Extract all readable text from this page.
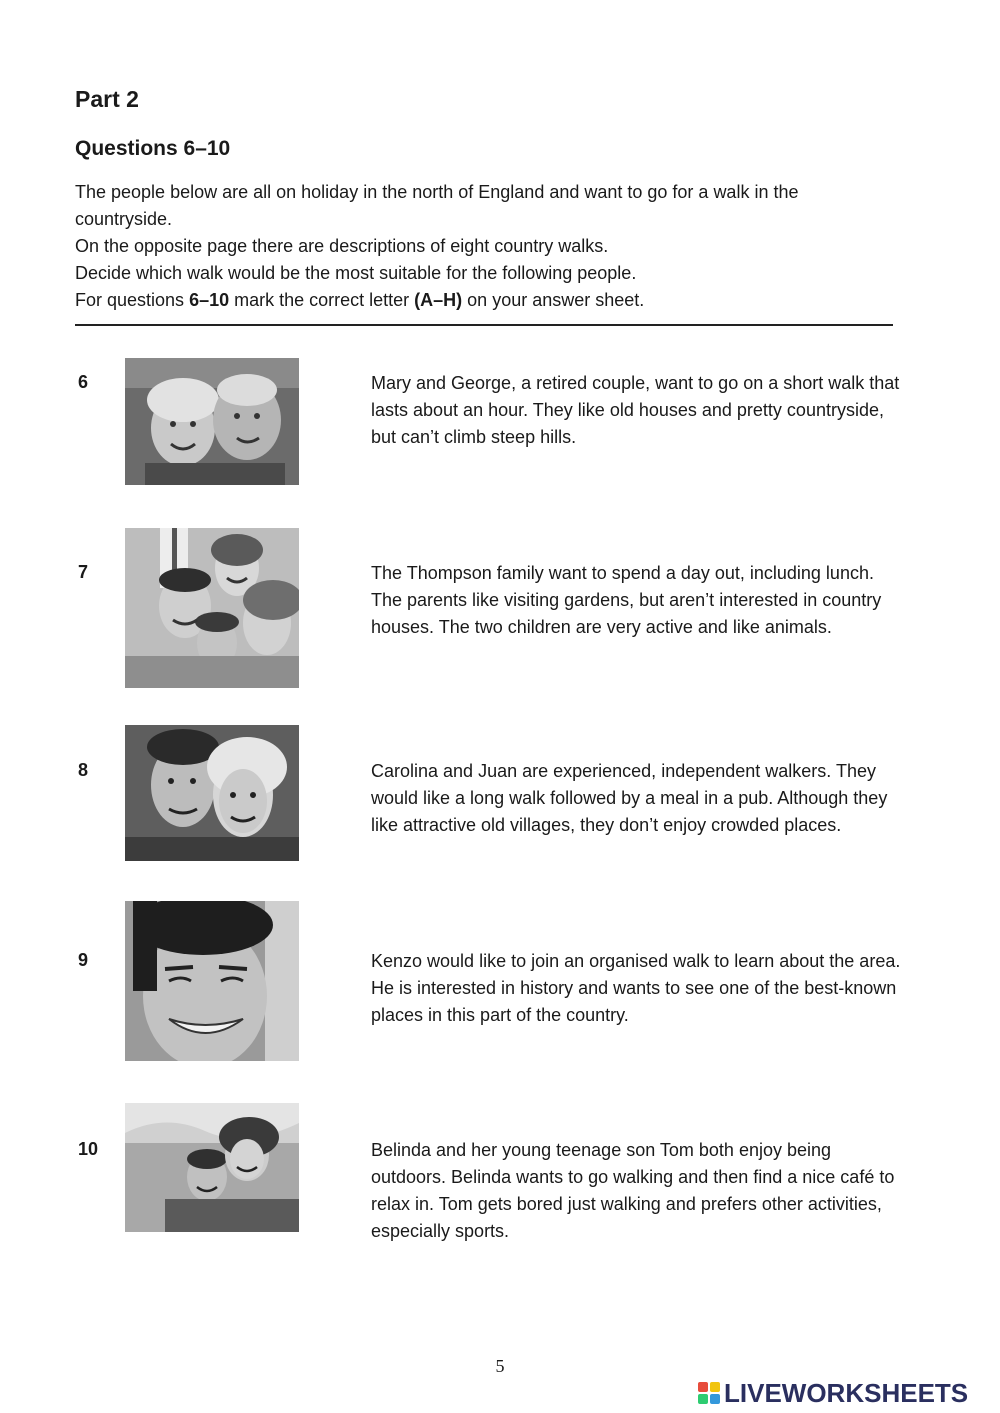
Part 2
Questions 6–10

The people below are all on holiday in the north of England and want to go for a walk in the countryside.

On the opposite page there are descriptions of eight country walks.

Decide which walk would be the most suitable for the following people.

For questions 6–10 mark the correct letter (A–H) on your answer sheet.

6	Mary and George, a retired couple, want to go on a short walk that lasts about an hour. They like old houses and pretty countryside, but can’t climb steep hills.

7	The Thompson family want to spend a day out, including lunch. The parents like visiting gardens, but aren’t interested in country houses. The two children are very active and like animals.

8	Carolina and Juan are experienced, independent walkers. They would like a long walk followed by a meal in a pub. Although they like attractive old villages, they don’t enjoy crowded places.

9	Kenzo would like to join an organised walk to learn about the area. He is interested in history and wants to see one of the best-known places in this part of the country.

10	Belinda and her young teenage son Tom both enjoy being outdoors. Belinda wants to go walking and then find a nice café to relax in. Tom gets bored just walking and prefers other activities, especially sports.

5
LIVEWORKSHEETS
